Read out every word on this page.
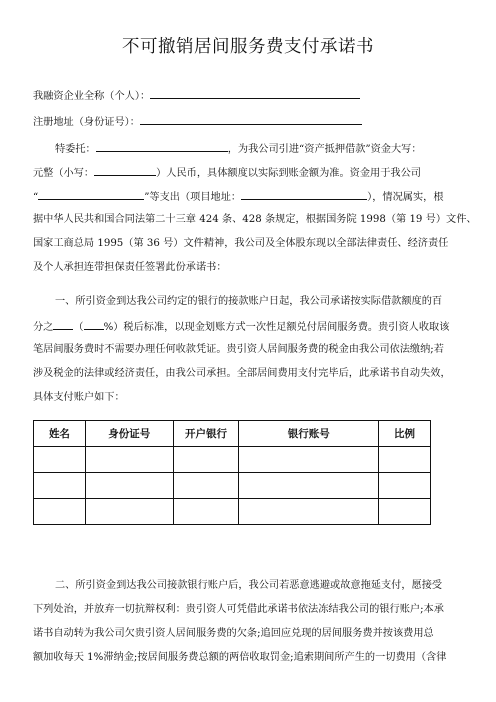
不可撤销居间服务费支付承诺书
我融资企业全称（个人）：
注册地址（身份证号）：
特委托：	，为我公司引进“资产抵押借款”资金大写：
元整（小写：	）人民币，具体额度以实际到账金额为准。资金用于我公司
“	”等支出（项目地址：	），情况属实，根
据中华人民共和国合同法第二十三章 424 条、428 条规定，根据国务院 1998（第 19 号）文件、
国家工商总局 1995（第 36 号）文件精神，我公司及全体股东现以全部法律责任、经济责任
及个人承担连带担保责任签署此份承诺书：
一、所引资金到达我公司约定的银行的接款账户日起，我公司承诺按实际借款额度的百
分之 （ %）税后标准，以现金划账方式一次性足额兑付居间服务费。贵引资人收取该
笔居间服务费时不需要办理任何收款凭证。贵引资人居间服务费的税金由我公司依法缴纳;若
涉及税金的法律或经济责任，由我公司承担。全部居间费用支付完毕后，此承诺书自动失效，
具体支付账户如下：
姓名	身份证号	开户银行	银行账号	比例

二、所引资金到达我公司接款银行账户后，我公司若恶意逃避或故意拖延支付，愿接受
下列处治，并放弃一切抗辩权利：贵引资人可凭借此承诺书依法冻结我公司的银行账户;本承
诺书自动转为我公司欠贵引资人居间服务费的欠条;追回应兑现的居间服务费并按该费用总
额加收每天 1%滞纳金;按居间服务费总额的两倍收取罚金;追索期间所产生的一切费用（含律
